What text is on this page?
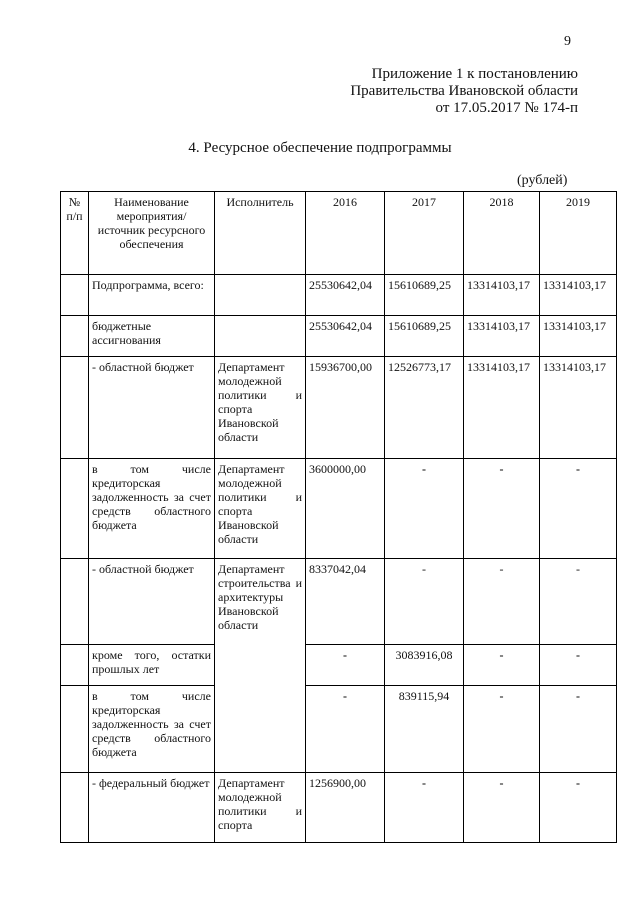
9
Приложение 1 к постановлению
Правительства Ивановской области
от 17.05.2017 № 174-п
4. Ресурсное обеспечение подпрограммы
(рублей)
№ п/п	Наименование мероприятия/ источник ресурсного обеспечения	Исполнитель	2016	2017	2018	2019
	Подпрограмма, всего:		25530642,04	15610689,25	13314103,17	13314103,17
	бюджетные ассигнования		25530642,04	15610689,25	13314103,17	13314103,17
	- областной бюджет	Департамент молодежной политики и спорта Ивановской области	15936700,00	12526773,17	13314103,17	13314103,17
	в том числе кредиторская задолженность за счет средств областного бюджета	Департамент молодежной политики и спорта Ивановской области	3600000,00	-	-	-
	- областной бюджет	Департамент строительства и архитектуры Ивановской области	8337042,04	-	-	-
	кроме того, остатки прошлых лет		-	3083916,08	-	-
	в том числе кредиторская задолженность за счет средств областного бюджета		-	839115,94	-	-
	- федеральный бюджет	Департамент молодежной политики и спорта	1256900,00	-	-	-
